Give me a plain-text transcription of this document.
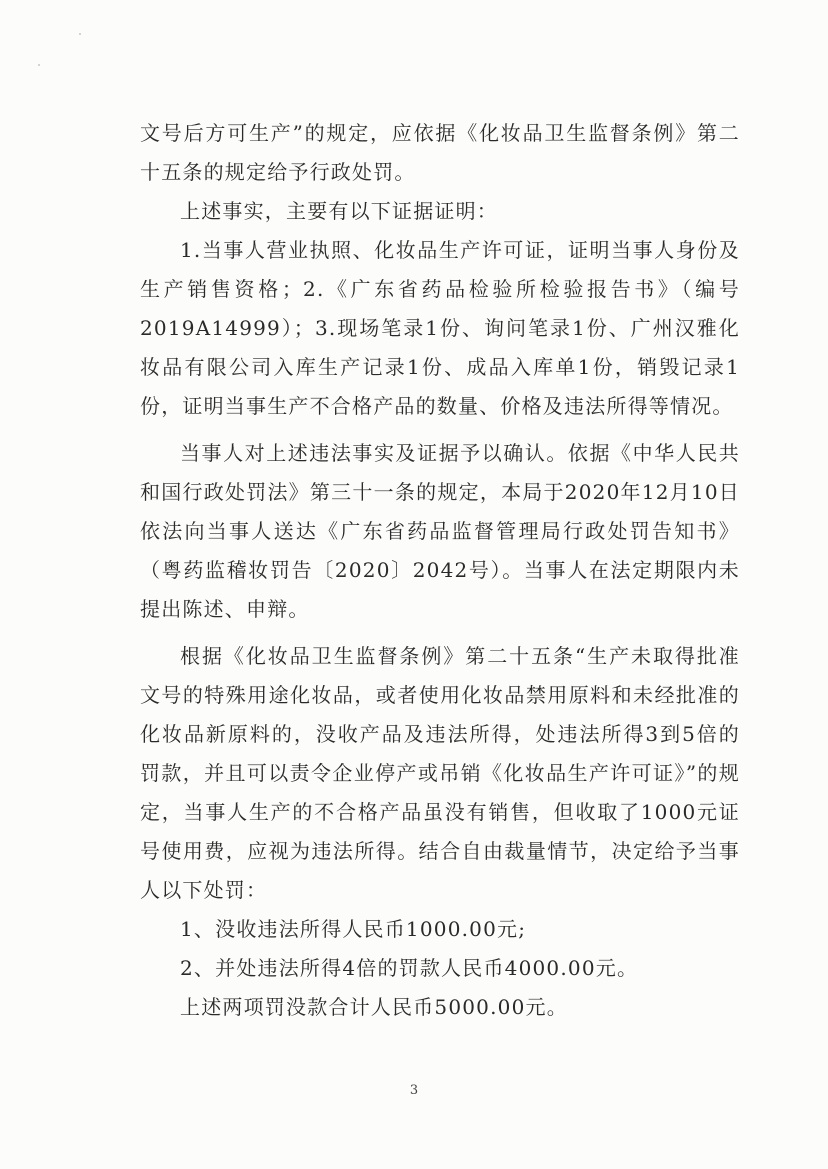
文号后方可生产”的规定，应依据《化妆品卫生监督条例》第二十五条的规定给予行政处罚。

上述事实，主要有以下证据证明：

1.当事人营业执照、化妆品生产许可证，证明当事人身份及生产销售资格；2.《广东省药品检验所检验报告书》（编号2019A14999）；3.现场笔录1份、询问笔录1份、广州汉雅化妆品有限公司入库生产记录1份、成品入库单1份，销毁记录1份，证明当事生产不合格产品的数量、价格及违法所得等情况。

当事人对上述违法事实及证据予以确认。依据《中华人民共和国行政处罚法》第三十一条的规定，本局于2020年12月10日依法向当事人送达《广东省药品监督管理局行政处罚告知书》（粤药监稽妆罚告〔2020〕2042号）。当事人在法定期限内未提出陈述、申辩。

根据《化妆品卫生监督条例》第二十五条“生产未取得批准文号的特殊用途化妆品，或者使用化妆品禁用原料和未经批准的化妆品新原料的，没收产品及违法所得，处违法所得3到5倍的罚款，并且可以责令企业停产或吊销《化妆品生产许可证》”的规定，当事人生产的不合格产品虽没有销售，但收取了1000元证号使用费，应视为违法所得。结合自由裁量情节，决定给予当事人以下处罚：

1、没收违法所得人民币1000.00元;

2、并处违法所得4倍的罚款人民币4000.00元。

上述两项罚没款合计人民币5000.00元。

3
